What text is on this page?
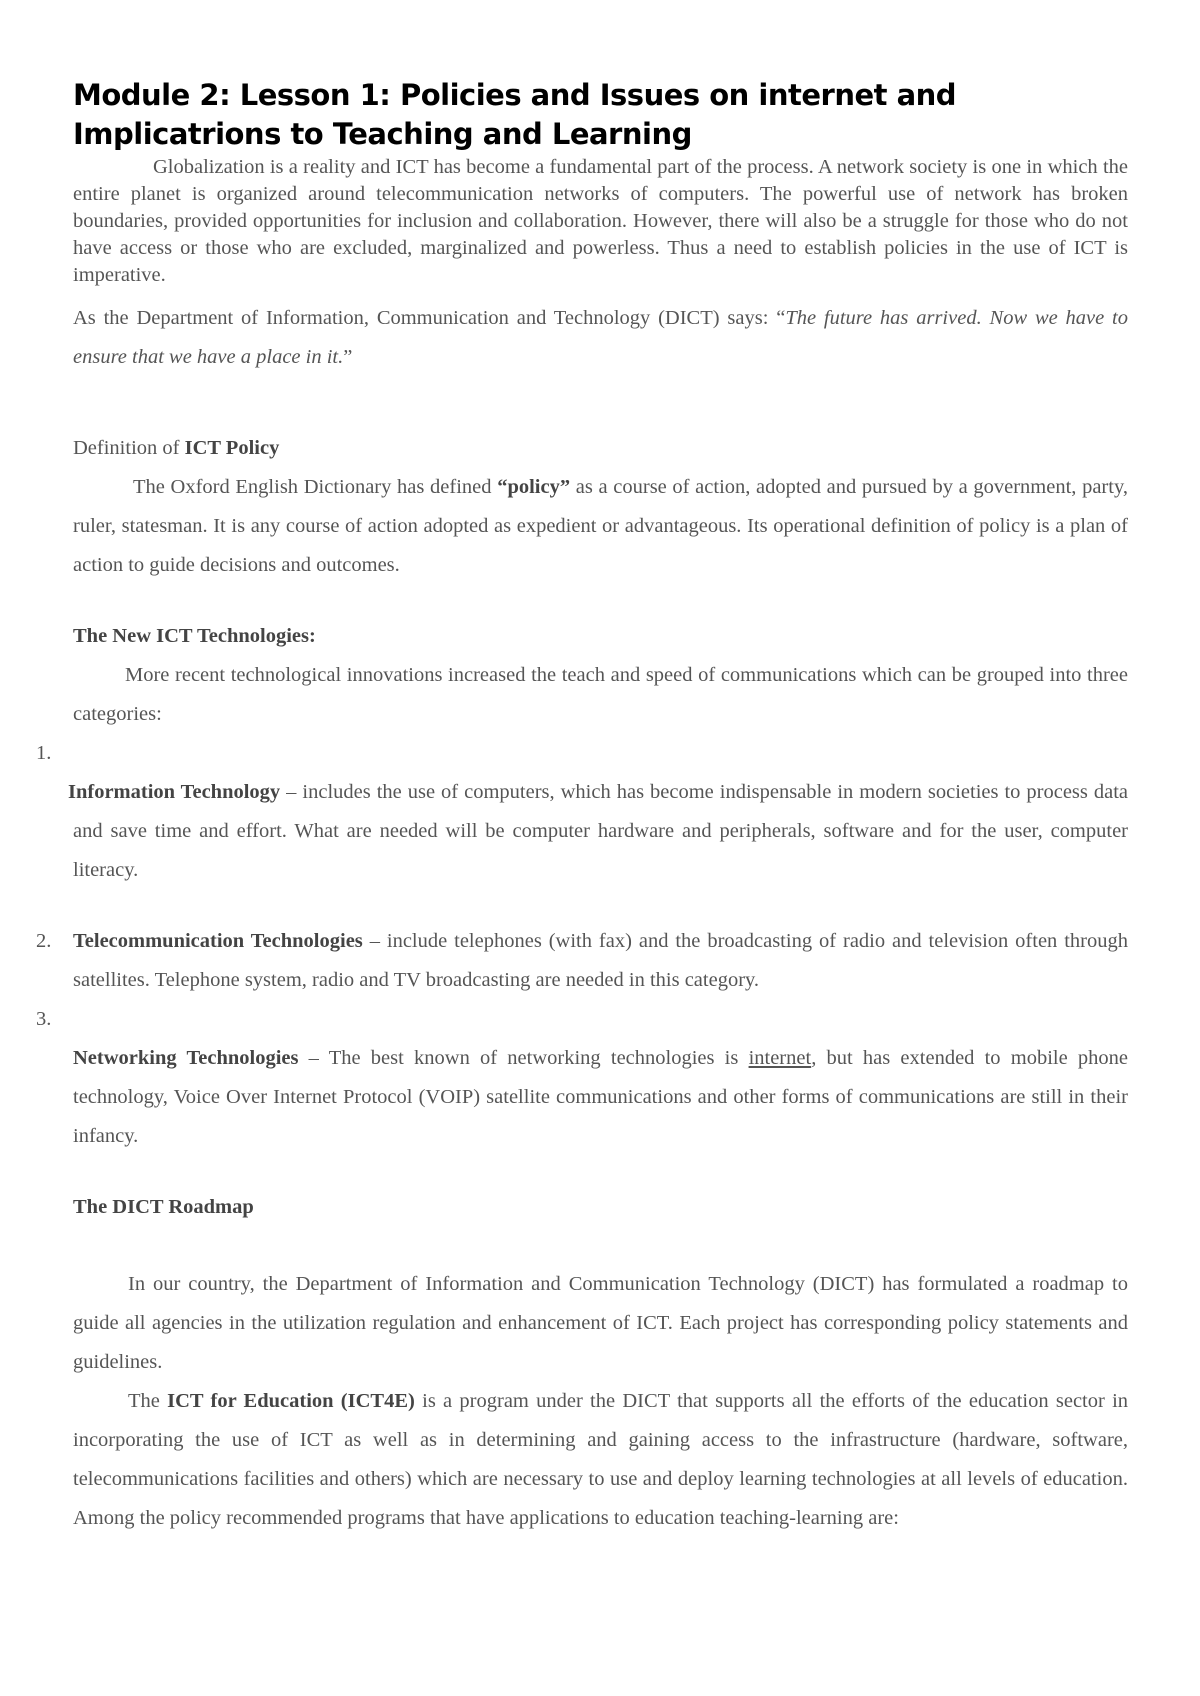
Module 2: Lesson 1: Policies and Issues on internet and Implicatrions to Teaching and Learning

Globalization is a reality and ICT has become a fundamental part of the process. A network society is one in which the entire planet is organized around telecommunication networks of computers. The powerful use of network has broken boundaries, provided opportunities for inclusion and collaboration. However, there will also be a struggle for those who do not have access or those who are excluded, marginalized and powerless. Thus a need to establish policies in the use of ICT is imperative.

As the Department of Information, Communication and Technology (DICT) says: “The future has arrived. Now we have to ensure that we have a place in it.”

Definition of ICT Policy

The Oxford English Dictionary has defined “policy” as a course of action, adopted and pursued by a government, party, ruler, statesman. It is any course of action adopted as expedient or advantageous. Its operational definition of policy is a plan of action to guide decisions and outcomes.

The New ICT Technologies:

More recent technological innovations increased the teach and speed of communications which can be grouped into three categories:

1.

Information Technology – includes the use of computers, which has become indispensable in modern societies to process data and save time and effort. What are needed will be computer hardware and peripherals, software and for the user, computer literacy.

2. Telecommunication Technologies – include telephones (with fax) and the broadcasting of radio and television often through satellites. Telephone system, radio and TV broadcasting are needed in this category.

3.

Networking Technologies – The best known of networking technologies is internet, but has extended to mobile phone technology, Voice Over Internet Protocol (VOIP) satellite communications and other forms of communications are still in their infancy.

The DICT Roadmap

In our country, the Department of Information and Communication Technology (DICT) has formulated a roadmap to guide all agencies in the utilization regulation and enhancement of ICT. Each project has corresponding policy statements and guidelines.

The ICT for Education (ICT4E) is a program under the DICT that supports all the efforts of the education sector in incorporating the use of ICT as well as in determining and gaining access to the infrastructure (hardware, software, telecommunications facilities and others) which are necessary to use and deploy learning technologies at all levels of education. Among the policy recommended programs that have applications to education teaching-learning are:
